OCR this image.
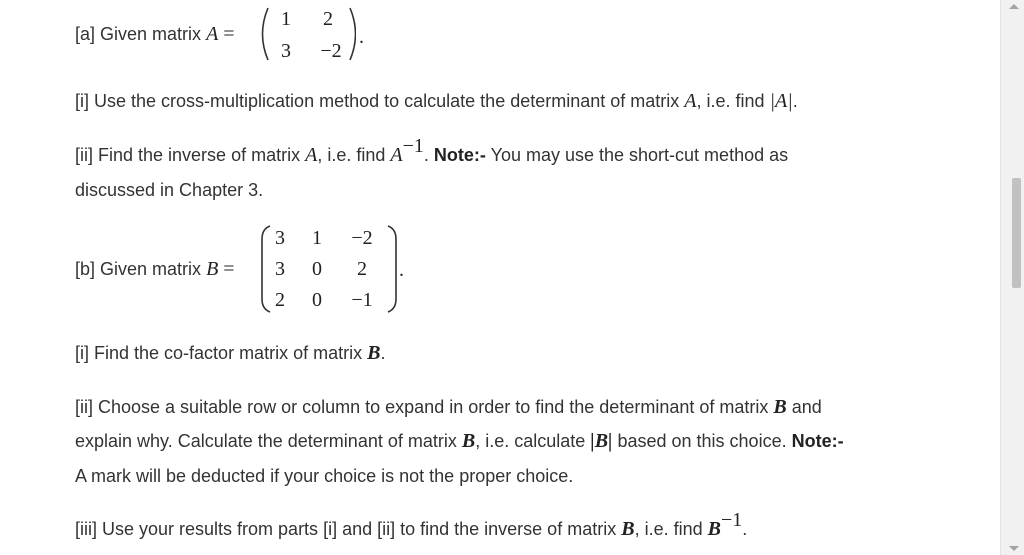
[a] Given matrix A =
1	2
3	−2
.
[i] Use the cross-multiplication method to calculate the determinant of matrix A, i.e. find |A|.
[ii] Find the inverse of matrix A, i.e. find $A^{-1}$. Note:- You may use the short-cut method as
discussed in Chapter 3.
[b] Given matrix B =
3	1	−2
3	0	2
2	0	−1
.
[i] Find the co-factor matrix of matrix B.
[ii] Choose a suitable row or column to expand in order to find the determinant of matrix B and
explain why. Calculate the determinant of matrix B, i.e. calculate |B| based on this choice. Note:-
A mark will be deducted if your choice is not the proper choice.
[iii] Use your results from parts [i] and [ii] to find the inverse of matrix B, i.e. find $B^{-1}$.
